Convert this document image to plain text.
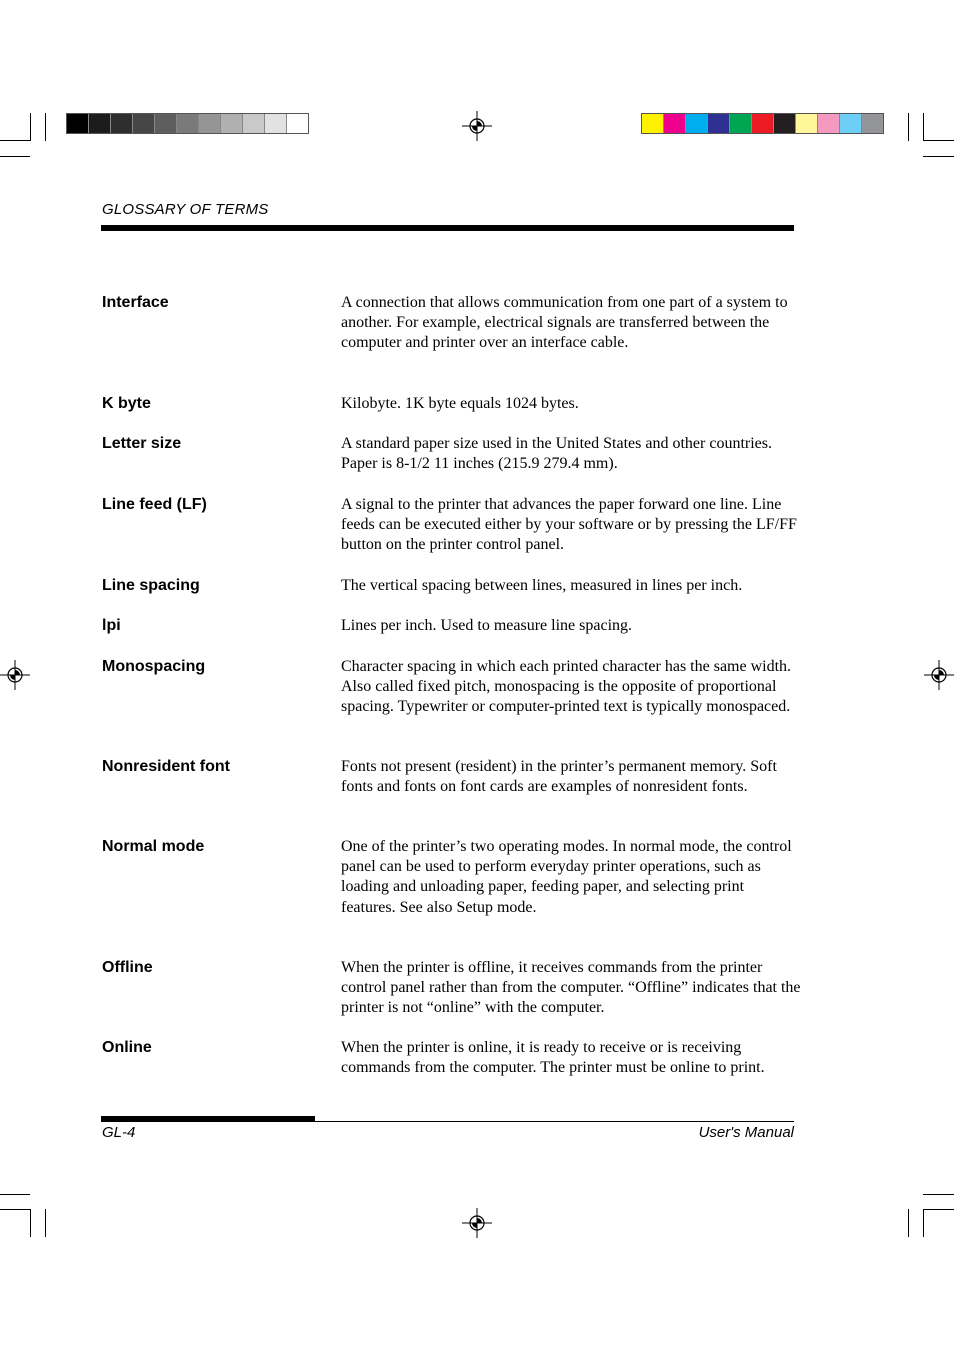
GLOSSARY OF TERMS
Interface	A connection that allows communication from one part of a system to another. For example, electrical signals are transferred between the computer and printer over an interface cable.
K byte	Kilobyte. 1K byte equals 1024 bytes.
Letter size	A standard paper size used in the United States and other countries. Paper is 8-1/2 11 inches (215.9 279.4 mm).
Line feed (LF)	A signal to the printer that advances the paper forward one line. Line feeds can be executed either by your software or by pressing the LF/FF button on the printer control panel.
Line spacing	The vertical spacing between lines, measured in lines per inch.
lpi	Lines per inch. Used to measure line spacing.
Monospacing	Character spacing in which each printed character has the same width. Also called fixed pitch, monospacing is the opposite of proportional spacing. Typewriter or computer-printed text is typically monospaced.
Nonresident font	Fonts not present (resident) in the printer’s permanent memory. Soft fonts and fonts on font cards are examples of nonresident fonts.
Normal mode	One of the printer’s two operating modes. In normal mode, the control panel can be used to perform everyday printer operations, such as loading and unloading paper, feeding paper, and selecting print features. See also Setup mode.
Offline	When the printer is offline, it receives commands from the printer control panel rather than from the computer. “Offline” indicates that the printer is not “online” with the computer.
Online	When the printer is online, it is ready to receive or is receiving commands from the computer. The printer must be online to print.
GL-4	User's Manual
